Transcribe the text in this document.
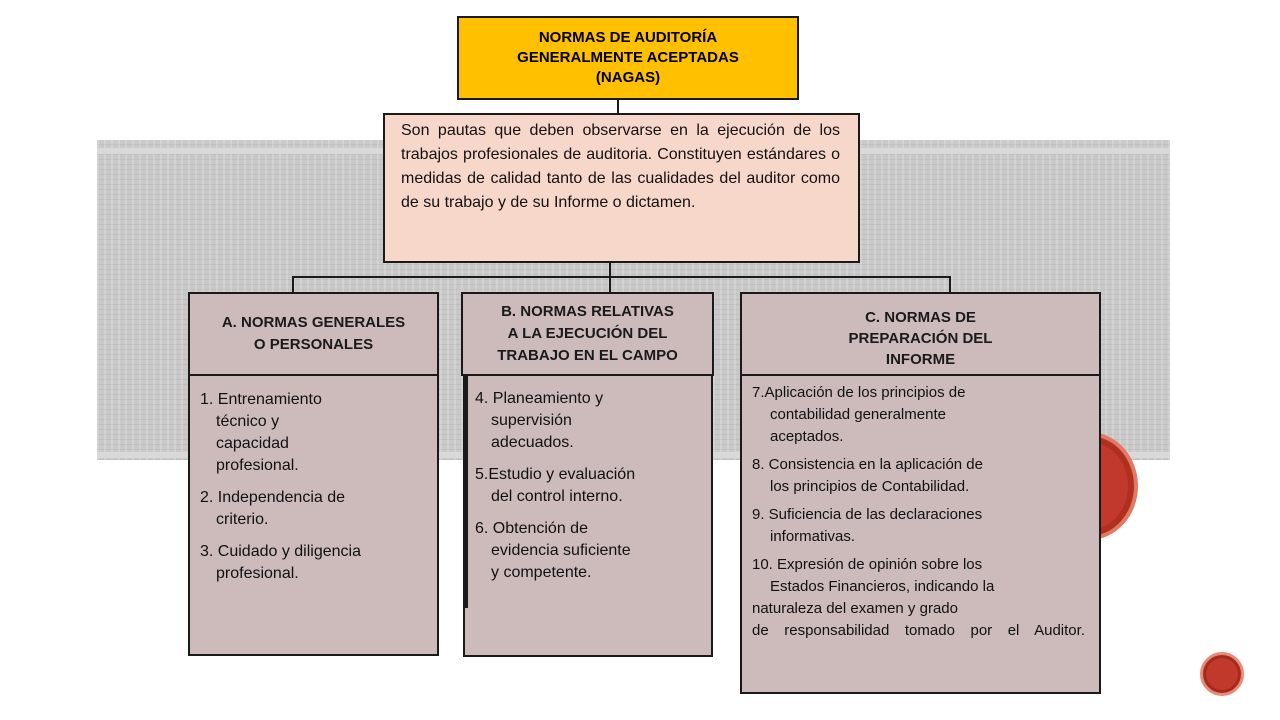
NORMAS DE AUDITORÍA
GENERALMENTE ACEPTADAS
(NAGAS)
Son pautas que deben observarse en la ejecución de los trabajos profesionales de auditoria. Constituyen estándares o medidas de calidad tanto de las cualidades del auditor como de su trabajo y de su Informe o dictamen.
A. NORMAS GENERALES
O PERSONALES
1. Entrenamiento
técnico y
capacidad
profesional.
2. Independencia de
criterio.
3. Cuidado y diligencia
profesional.
B. NORMAS RELATIVAS
A LA EJECUCIÓN DEL
TRABAJO EN EL CAMPO
4. Planeamiento y
supervisión
adecuados.
5.Estudio y evaluación
del control interno.
6. Obtención de
evidencia suficiente
y competente.
C. NORMAS DE
PREPARACIÓN DEL
INFORME
7.Aplicación de los principios de
contabilidad generalmente
aceptados.
8. Consistencia en la aplicación de
los principios de Contabilidad.
9. Suficiencia de las declaraciones
informativas.
10. Expresión de opinión sobre los
Estados Financieros, indicando la
naturaleza del examen y grado
de responsabilidad tomado por el Auditor.
